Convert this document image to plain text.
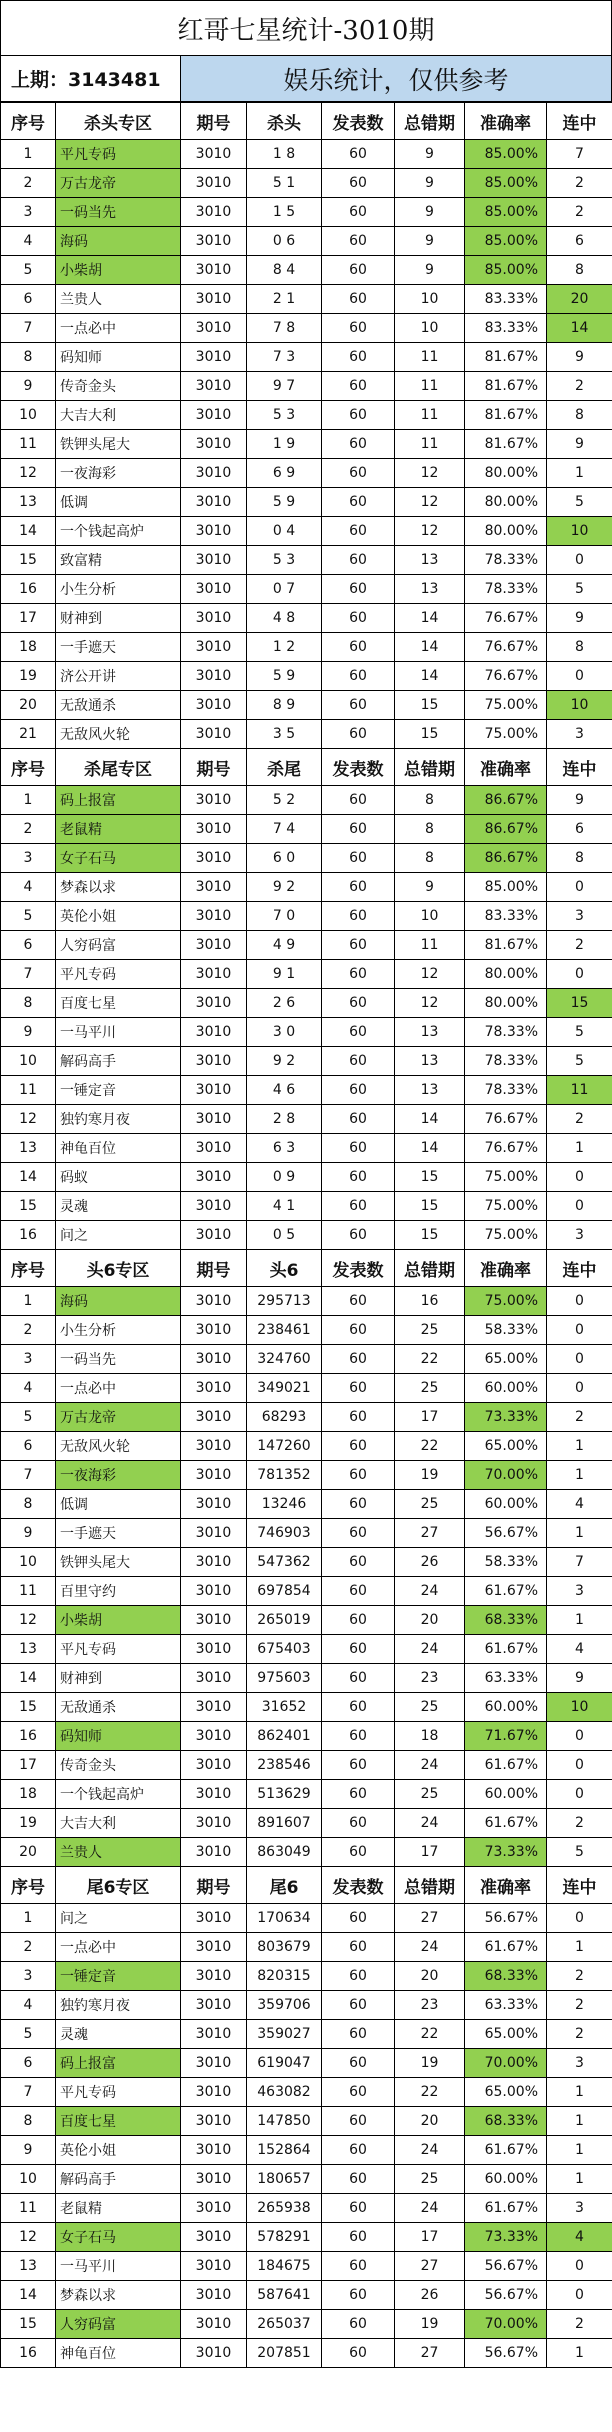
红哥七星统计-3010期
上期：3143481	娱乐统计，仅供参考
序号	杀头专区	期号	杀头	发表数	总错期	准确率	连中
1	平凡专码	3010	1 8	60	9	85.00%	7
2	万古龙帝	3010	5 1	60	9	85.00%	2
3	一码当先	3010	1 5	60	9	85.00%	2
4	海码	3010	0 6	60	9	85.00%	6
5	小柴胡	3010	8 4	60	9	85.00%	8
6	兰贵人	3010	2 1	60	10	83.33%	20
7	一点必中	3010	7 8	60	10	83.33%	14
8	码知师	3010	7 3	60	11	81.67%	9
9	传奇金头	3010	9 7	60	11	81.67%	2
10	大吉大利	3010	5 3	60	11	81.67%	8
11	铁钾头尾大	3010	1 9	60	11	81.67%	9
12	一夜海彩	3010	6 9	60	12	80.00%	1
13	低调	3010	5 9	60	12	80.00%	5
14	一个钱起高炉	3010	0 4	60	12	80.00%	10
15	致富精	3010	5 3	60	13	78.33%	0
16	小生分析	3010	0 7	60	13	78.33%	5
17	财神到	3010	4 8	60	14	76.67%	9
18	一手遮天	3010	1 2	60	14	76.67%	8
19	济公开讲	3010	5 9	60	14	76.67%	0
20	无敌通杀	3010	8 9	60	15	75.00%	10
21	无敌风火轮	3010	3 5	60	15	75.00%	3
序号	杀尾专区	期号	杀尾	发表数	总错期	准确率	连中
1	码上报富	3010	5 2	60	8	86.67%	9
2	老鼠精	3010	7 4	60	8	86.67%	6
3	女子石马	3010	6 0	60	8	86.67%	8
4	梦森以求	3010	9 2	60	9	85.00%	0
5	英伦小姐	3010	7 0	60	10	83.33%	3
6	人穷码富	3010	4 9	60	11	81.67%	2
7	平凡专码	3010	9 1	60	12	80.00%	0
8	百度七星	3010	2 6	60	12	80.00%	15
9	一马平川	3010	3 0	60	13	78.33%	5
10	解码高手	3010	9 2	60	13	78.33%	5
11	一锤定音	3010	4 6	60	13	78.33%	11
12	独钓寒月夜	3010	2 8	60	14	76.67%	2
13	神龟百位	3010	6 3	60	14	76.67%	1
14	码蚁	3010	0 9	60	15	75.00%	0
15	灵魂	3010	4 1	60	15	75.00%	0
16	问之	3010	0 5	60	15	75.00%	3
序号	头6专区	期号	头6	发表数	总错期	准确率	连中
1	海码	3010	295713	60	16	75.00%	0
2	小生分析	3010	238461	60	25	58.33%	0
3	一码当先	3010	324760	60	22	65.00%	0
4	一点必中	3010	349021	60	25	60.00%	0
5	万古龙帝	3010	68293	60	17	73.33%	2
6	无敌风火轮	3010	147260	60	22	65.00%	1
7	一夜海彩	3010	781352	60	19	70.00%	1
8	低调	3010	13246	60	25	60.00%	4
9	一手遮天	3010	746903	60	27	56.67%	1
10	铁钾头尾大	3010	547362	60	26	58.33%	7
11	百里守约	3010	697854	60	24	61.67%	3
12	小柴胡	3010	265019	60	20	68.33%	1
13	平凡专码	3010	675403	60	24	61.67%	4
14	财神到	3010	975603	60	23	63.33%	9
15	无敌通杀	3010	31652	60	25	60.00%	10
16	码知师	3010	862401	60	18	71.67%	0
17	传奇金头	3010	238546	60	24	61.67%	0
18	一个钱起高炉	3010	513629	60	25	60.00%	0
19	大吉大利	3010	891607	60	24	61.67%	2
20	兰贵人	3010	863049	60	17	73.33%	5
序号	尾6专区	期号	尾6	发表数	总错期	准确率	连中
1	问之	3010	170634	60	27	56.67%	0
2	一点必中	3010	803679	60	24	61.67%	1
3	一锤定音	3010	820315	60	20	68.33%	2
4	独钓寒月夜	3010	359706	60	23	63.33%	2
5	灵魂	3010	359027	60	22	65.00%	2
6	码上报富	3010	619047	60	19	70.00%	3
7	平凡专码	3010	463082	60	22	65.00%	1
8	百度七星	3010	147850	60	20	68.33%	1
9	英伦小姐	3010	152864	60	24	61.67%	1
10	解码高手	3010	180657	60	25	60.00%	1
11	老鼠精	3010	265938	60	24	61.67%	3
12	女子石马	3010	578291	60	17	73.33%	4
13	一马平川	3010	184675	60	27	56.67%	0
14	梦森以求	3010	587641	60	26	56.67%	0
15	人穷码富	3010	265037	60	19	70.00%	2
16	神龟百位	3010	207851	60	27	56.67%	1
